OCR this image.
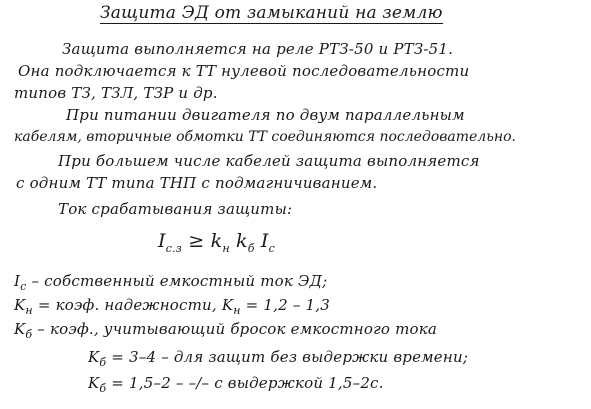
Защита ЭД от замыканий на землю
Защита выполняется на реле РТЗ-50 и РТЗ-51.
Она подключается к ТТ нулевой последовательности
типов ТЗ, ТЗЛ, ТЗР и др.
При питании двигателя по двум параллельным
кабелям, вторичные обмотки ТТ соединяются последовательно.
При большем числе кабелей защита выполняется
с одним ТТ типа ТНП с подмагничиванием.
Ток срабатывания защиты:
$I_{с.з} \ge k_н$ $k_б$ $I_с$
$I_с$ – собственный емкостный ток ЭД;
$K_н$ = коэф. надежности, $K_н = 1,2 - 1,3$
$K_б$ – коэф., учитывающий бросок емкостного тока
$K_б = 3-4$ – для защит без выдержки времени;
$K_б = 1,5-2$ – –/– с выдержкой 1,5–2с.
